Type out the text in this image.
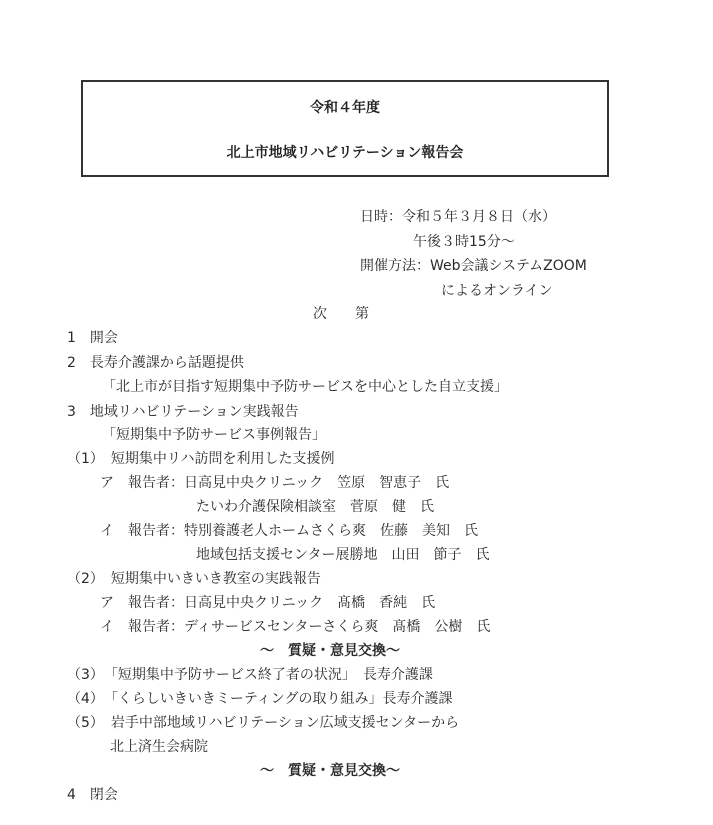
令和４年度
北上市地域リハビリテーション報告会
日時：令和５年３月８日（水）
午後３時15分～
開催方法：Web会議システムZOOM
によるオンライン
次　　第
1　開会
2　長寿介護課から話題提供
「北上市が目指す短期集中予防サービスを中心とした自立支援」
3　地域リハビリテーション実践報告
「短期集中予防サービス事例報告」
（1）　短期集中リハ訪問を利用した支援例
ア　報告者：日高見中央クリニック　笠原　智恵子　氏
たいわ介護保険相談室　菅原　健　氏
イ　報告者：特別養護老人ホームさくら爽　佐藤　美知　氏
地域包括支援センター展勝地　山田　節子　氏
（2）　短期集中いきいき教室の実践報告
ア　報告者：日高見中央クリニック　髙橋　香純　氏
イ　報告者：ディサービスセンターさくら爽　髙橋　公樹　氏
～　質疑・意見交換～
（3）　「短期集中予防サービス終了者の状況」　長寿介護課
（4）　「くらしいきいきミーティングの取り組み」長寿介護課
（5）　岩手中部地域リハビリテーション広域支援センターから
北上済生会病院
～　質疑・意見交換～
4　閉会
